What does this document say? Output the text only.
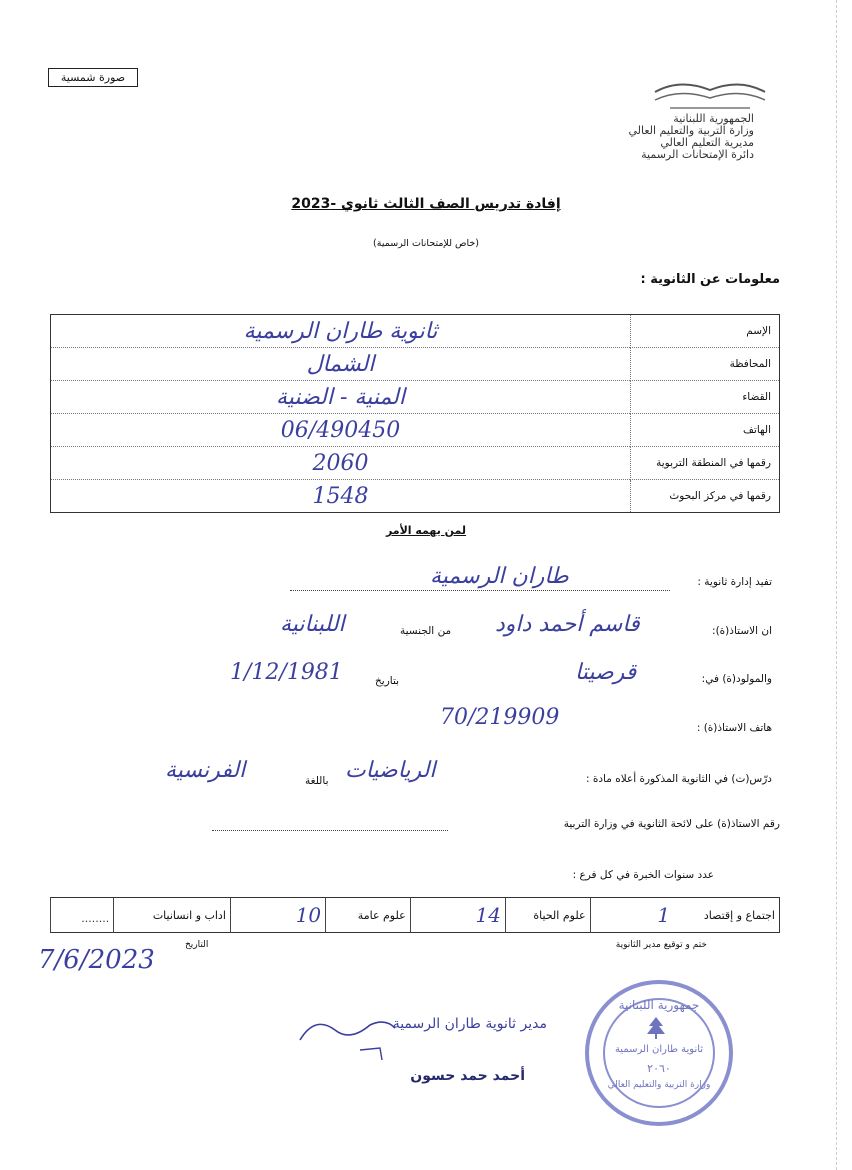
صورة شمسية
الجمهورية اللبنانية
وزارة التربية والتعليم العالي
مديرية التعليم العالي
دائرة الإمتحانات الرسمية
إفادة تدريس الصف الثالث ثانوي -2023
(خاص للإمتحانات الرسمية)
معلومات عن الثانوية :
الإسم	ثانوية طاران الرسمية
المحافظة	الشمال
القضاء	المنية - الضنية
الهاتف	06/490450
رقمها في المنطقة التربوية	2060
رقمها في مركز البحوث	1548
لمن يهمه الأمر
تفيد إدارة ثانوية :
طاران الرسمية
ان الاستاذ(ة):
قاسم أحمد داود
من الجنسية
اللبنانية
والمولود(ة) في:
قرصيتا
بتاريخ
1/12/1981
هاتف الاستاذ(ة) :
70/219909
درّس(ت) في الثانوية المذكورة أعلاه مادة :
الرياضيات
باللغة
الفرنسية
رقم الاستاذ(ة) على لائحة الثانوية في وزارة التربية
عدد سنوات الخبرة في كل فرع :
اجتماع و إقتصاد	1	علوم الحياة	14	علوم عامة	10	اداب و انسانيات	........
ختم و توقيع مدير الثانوية
التاريخ
7/6/2023
مدير ثانوية طاران الرسمية
أحمد حمد حسون
جمهورية اللبنانية
ثانوية طاران الرسمية
٢٠٦٠
وزارة التربية والتعليم العالي
